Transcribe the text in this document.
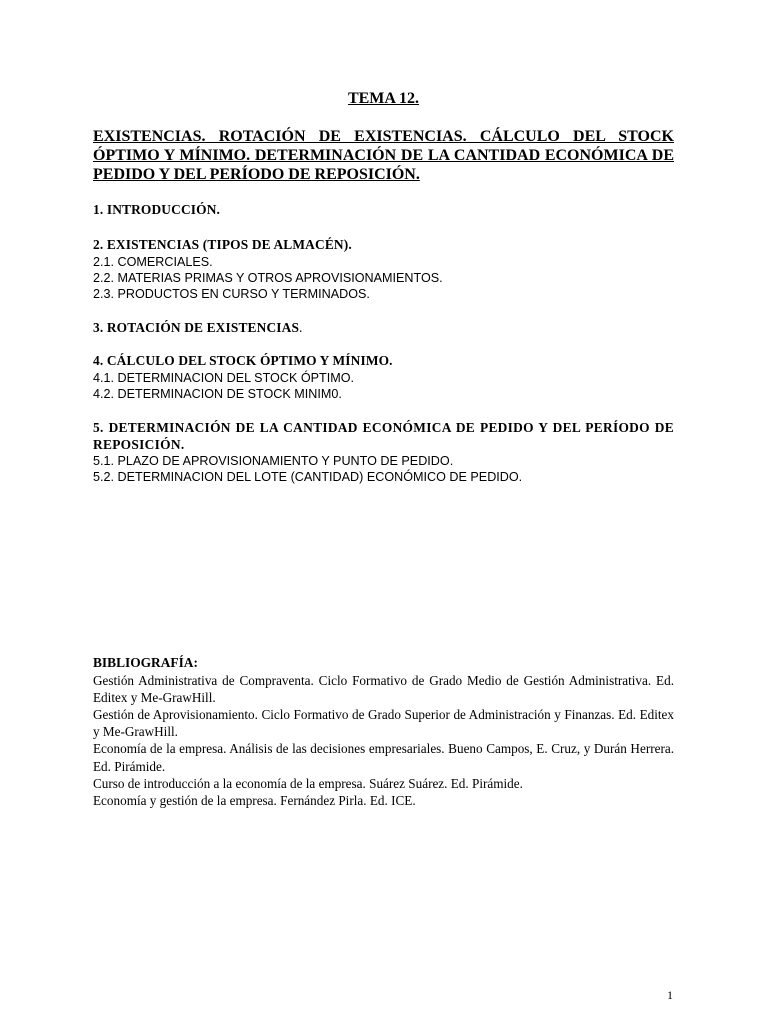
TEMA 12.
EXISTENCIAS. ROTACIÓN DE EXISTENCIAS. CÁLCULO DEL STOCK ÓPTIMO Y MÍNIMO. DETERMINACIÓN DE LA CANTIDAD ECONÓMICA DE PEDIDO Y DEL PERÍODO DE REPOSICIÓN.
1. INTRODUCCIÓN.
2. EXISTENCIAS (TIPOS DE ALMACÉN).
2.1. COMERCIALES.
2.2. MATERIAS PRIMAS Y OTROS APROVISIONAMIENTOS.
2.3. PRODUCTOS EN CURSO Y TERMINADOS.
3. ROTACIÓN DE EXISTENCIAS.
4. CÁLCULO DEL STOCK ÓPTIMO Y MÍNIMO.
4.1. DETERMINACION DEL STOCK ÓPTIMO.
4.2. DETERMINACION DE STOCK MINIM0.
5. DETERMINACIÓN DE LA CANTIDAD ECONÓMICA DE PEDIDO Y DEL PERÍODO DE REPOSICIÓN.
5.1. PLAZO DE APROVISIONAMIENTO Y PUNTO DE PEDIDO.
5.2. DETERMINACION DEL LOTE (CANTIDAD) ECONÓMICO DE PEDIDO.
BIBLIOGRAFÍA:
Gestión Administrativa de Compraventa. Ciclo Formativo de Grado Medio de Gestión Administrativa. Ed. Editex y Me-GrawHill.
Gestión de Aprovisionamiento. Ciclo Formativo de Grado Superior de Administración y Finanzas. Ed. Editex y Me-GrawHill.
Economía de la empresa. Análisis de las decisiones empresariales. Bueno Campos, E. Cruz, y Durán Herrera. Ed. Pirámide.
Curso de introducción a la economía de la empresa. Suárez Suárez. Ed. Pirámide.
Economía y gestión de la empresa. Fernández Pirla. Ed. ICE.
1
